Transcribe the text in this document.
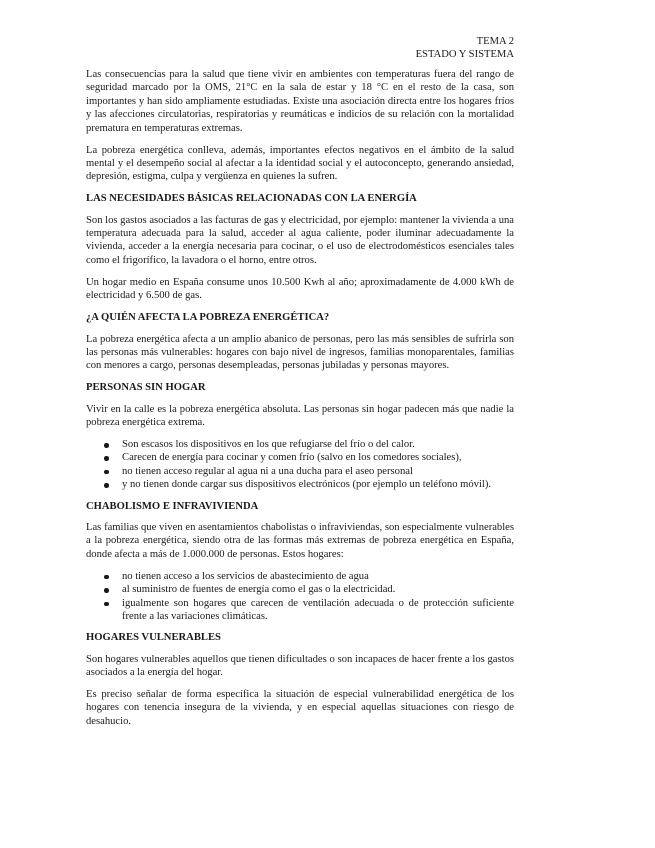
TEMA 2
ESTADO Y SISTEMA

Las consecuencias para la salud que tiene vivir en ambientes con temperaturas fuera del rango de seguridad marcado por la OMS, 21°C en la sala de estar y 18 °C en el resto de la casa, son importantes y han sido ampliamente estudiadas. Existe una asociación directa entre los hogares fríos y las afecciones circulatorias, respiratorias y reumáticas e indicios de su relación con la mortalidad prematura en temperaturas extremas.

La pobreza energética conlleva, además, importantes efectos negativos en el ámbito de la salud mental y el desempeño social al afectar a la identidad social y el autoconcepto, generando ansiedad, depresión, estigma, culpa y vergüenza en quienes la sufren.

LAS NECESIDADES BÁSICAS RELACIONADAS CON LA ENERGÍA

Son los gastos asociados a las facturas de gas y electricidad, por ejemplo: mantener la vivienda a una temperatura adecuada para la salud, acceder al agua caliente, poder iluminar adecuadamente la vivienda, acceder a la energía necesaria para cocinar, o el uso de electrodomésticos esenciales tales como el frigorífico, la lavadora o el horno, entre otros.

Un hogar medio en España consume unos 10.500 Kwh al año; aproximadamente de 4.000 kWh de electricidad y 6.500 de gas.

¿A QUIÉN AFECTA LA POBREZA ENERGÉTICA?

La pobreza energética afecta a un amplio abanico de personas, pero las más sensibles de sufrirla son las personas más vulnerables: hogares con bajo nivel de ingresos, familias monoparentales, familias con menores a cargo, personas desempleadas, personas jubiladas y personas mayores.

PERSONAS SIN HOGAR

Vivir en la calle es la pobreza energética absoluta. Las personas sin hogar padecen más que nadie la pobreza energética extrema.

Son escasos los dispositivos en los que refugiarse del frío o del calor.
Carecen de energía para cocinar y comen frío (salvo en los comedores sociales),
no tienen acceso regular al agua ni a una ducha para el aseo personal
y no tienen donde cargar sus dispositivos electrónicos (por ejemplo un teléfono móvil).
CHABOLISMO E INFRAVIVIENDA

Las familias que viven en asentamientos chabolistas o infraviviendas, son especialmente vulnerables a la pobreza energética, siendo otra de las formas más extremas de pobreza energética en España, donde afecta a más de 1.000.000 de personas. Estos hogares:

no tienen acceso a los servicios de abastecimiento de agua
al suministro de fuentes de energía como el gas o la electricidad.
igualmente son hogares que carecen de ventilación adecuada o de protección suficiente frente a las variaciones climáticas.
HOGARES VULNERABLES

Son hogares vulnerables aquellos que tienen dificultades o son incapaces de hacer frente a los gastos asociados a la energía del hogar.

Es preciso señalar de forma específica la situación de especial vulnerabilidad energética de los hogares con tenencia insegura de la vivienda, y en especial aquellas situaciones con riesgo de desahucio.
